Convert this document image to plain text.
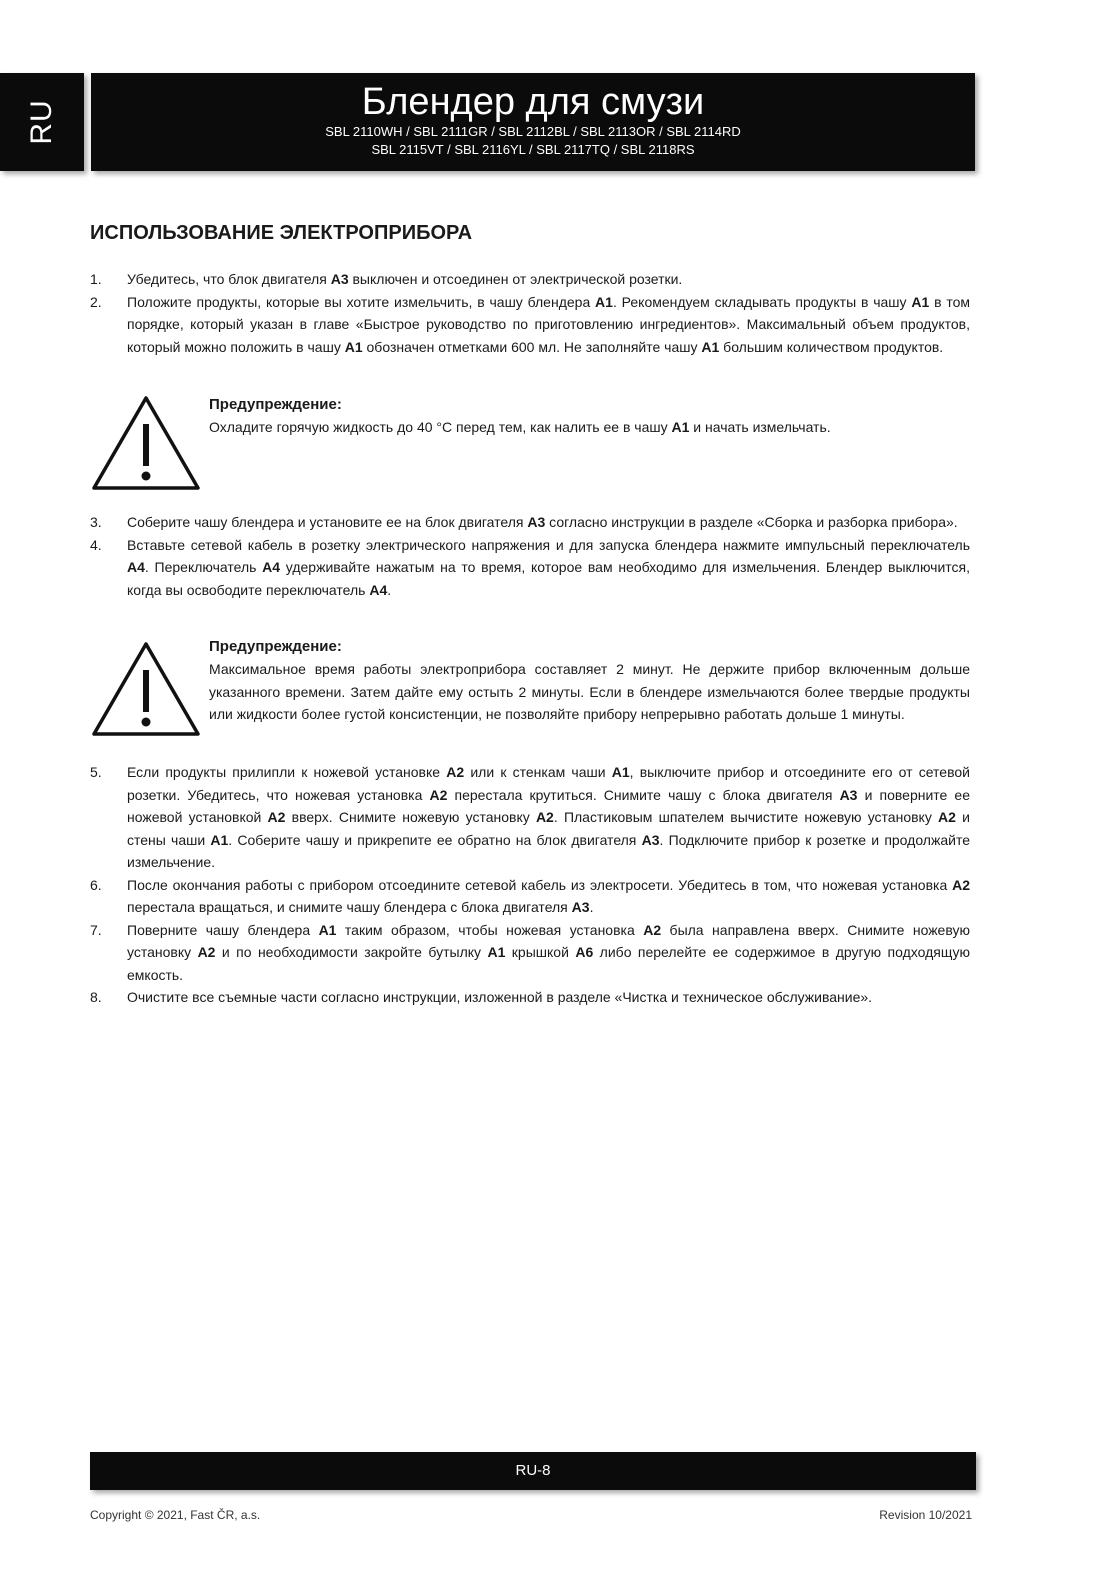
RU	Блендер для смузи
SBL 2110WH / SBL 2111GR / SBL 2112BL / SBL 2113OR / SBL 2114RD
SBL 2115VT / SBL 2116YL / SBL 2117TQ / SBL 2118RS
ИСПОЛЬЗОВАНИЕ ЭЛЕКТРОПРИБОРА
1. Убедитесь, что блок двигателя A3 выключен и отсоединен от электрической розетки.
2. Положите продукты, которые вы хотите измельчить, в чашу блендера A1. Рекомендуем складывать продукты в чашу A1 в том порядке, который указан в главе «Быстрое руководство по приготовлению ингредиентов». Максимальный объем продуктов, который можно положить в чашу A1 обозначен отметками 600 мл. Не заполняйте чашу A1 большим количеством продуктов.
Предупреждение:
Охладите горячую жидкость до 40 °C перед тем, как налить ее в чашу A1 и начать измельчать.
3. Соберите чашу блендера и установите ее на блок двигателя A3 согласно инструкции в разделе «Сборка и разборка прибора».
4. Вставьте сетевой кабель в розетку электрического напряжения и для запуска блендера нажмите импульсный переключатель A4. Переключатель A4 удерживайте нажатым на то время, которое вам необходимо для измельчения. Блендер выключится, когда вы освободите переключатель A4.
Предупреждение:
Максимальное время работы электроприбора составляет 2 минут. Не держите прибор включенным дольше указанного времени. Затем дайте ему остыть 2 минуты. Если в блендере измельчаются более твердые продукты или жидкости более густой консистенции, не позволяйте прибору непрерывно работать дольше 1 минуты.
5. Если продукты прилипли к ножевой установке A2 или к стенкам чаши A1, выключите прибор и отсоедините его от сетевой розетки. Убедитесь, что ножевая установка A2 перестала крутиться. Снимите чашу с блока двигателя A3 и поверните ее ножевой установкой A2 вверх. Снимите ножевую установку A2. Пластиковым шпателем вычистите ножевую установку A2 и стены чаши A1. Соберите чашу и прикрепите ее обратно на блок двигателя A3. Подключите прибор к розетке и продолжайте измельчение.
6. После окончания работы с прибором отсоедините сетевой кабель из электросети. Убедитесь в том, что ножевая установка A2 перестала вращаться, и снимите чашу блендера с блока двигателя A3.
7. Поверните чашу блендера A1 таким образом, чтобы ножевая установка A2 была направлена вверх. Снимите ножевую установку A2 и по необходимости закройте бутылку A1 крышкой A6 либо перелейте ее содержимое в другую подходящую емкость.
8. Очистите все съемные части согласно инструкции, изложенной в разделе «Чистка и техническое обслуживание».
RU-8
Copyright © 2021, Fast ČR, a.s.	Revision 10/2021
